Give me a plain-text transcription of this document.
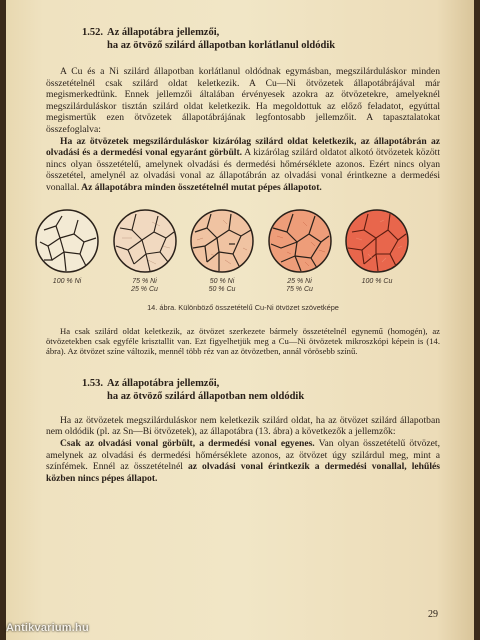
1.52. Az állapotábra jellemzői,
ha az ötvöző szilárd állapotban korlátlanul oldódik

A Cu és a Ni szilárd állapotban korlátlanul oldódnak egymásban, megszilárduláskor minden összetételnél csak szilárd oldat keletkezik. A Cu—Ni ötvözetek állapotábrájával már megismerkedtünk. Ennek jellemzői általában érvényesek azokra az ötvözetekre, amelyeknél megszilárduláskor tisztán szilárd oldat keletkezik. Ha megoldottuk az előző feladatot, egyúttal megismertük ezen ötvözetek állapotábrájának legfontosabb jellemzőit. A tapasztalatokat összefoglalva:

Ha az ötvözetek megszilárduláskor kizárólag szilárd oldat keletkezik, az állapotábrán az olvadási és a dermedési vonal egyaránt görbült. A kizárólag szilárd oldatot alkotó ötvözetek között nincs olyan összetételű, amelynek olvadási és dermedési hőmérséklete azonos. Ezért nincs olyan összetétel, amelynél az olvadási vonal az állapotábrán az olvadási vonal érintkezne a dermedési vonallal. Az állapotábra minden összetételnél mutat pépes állapotot.

100 % Ni	75 % Ni
25 % Cu
50 % Ni
50 % Cu
25 % Ni
75 % Cu
100 % Cu
14. ábra. Különböző összetételű Cu-Ni ötvözet szövetképe

Ha csak szilárd oldat keletkezik, az ötvözet szerkezete bármely összetételnél egynemű (homogén), az ötvözetekben csak egyféle krisztallit van. Ezt figyelhetjük meg a Cu—Ni ötvözetek mikroszkópi képein is (14. ábra). Az ötvözet színe változik, mennél több réz van az ötvözetben, annál vörösebb színű.

1.53. Az állapotábra jellemzői,
ha az ötvöző szilárd állapotban nem oldódik

Ha az ötvözetek megszilárduláskor nem keletkezik szilárd oldat, ha az ötvözet szilárd állapotban nem oldódik (pl. az Sn—Bi ötvözetek), az állapotábra (13. ábra) a következők a jellemzők:

Csak az olvadási vonal görbült, a dermedési vonal egyenes. Van olyan összetételű ötvözet, amelynek az olvadási és dermedési hőmérséklete azonos, az ötvözet úgy szilárdul meg, mint a színfémek. Ennél az összetételnél az olvadási vonal érintkezik a dermedési vonallal, lehűlés közben nincs pépes állapot.

29
Antikvarium.hu
